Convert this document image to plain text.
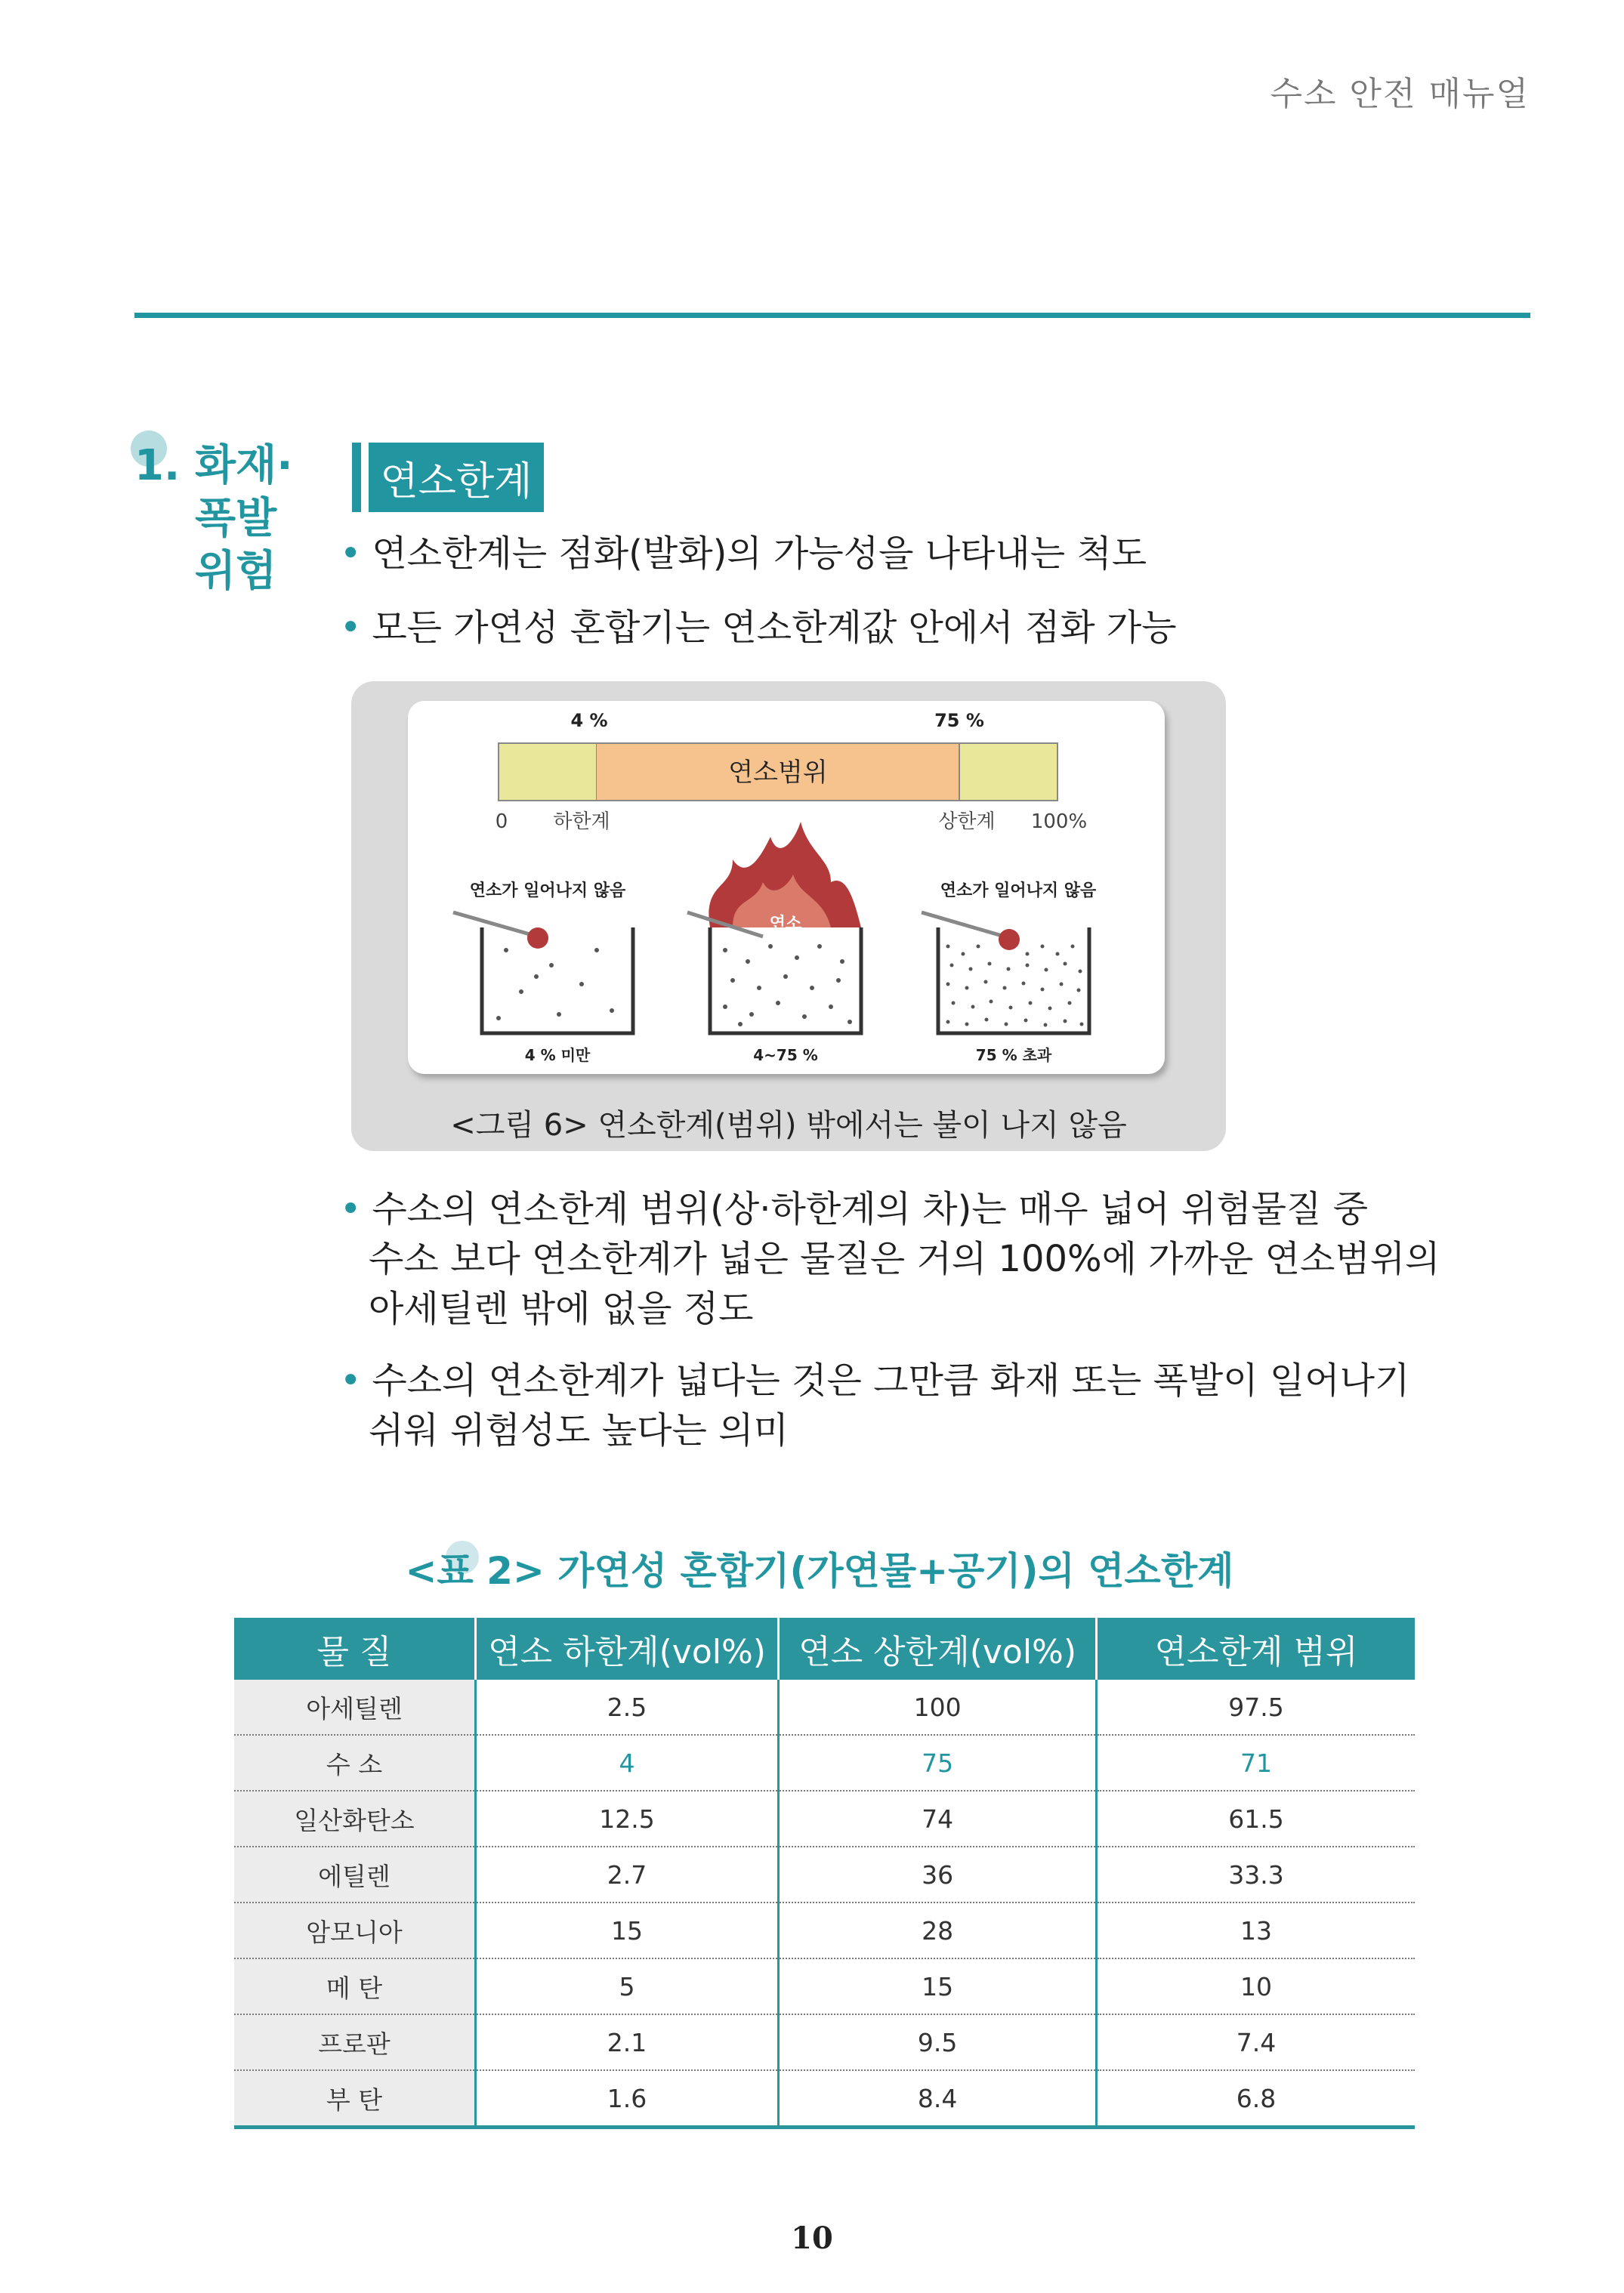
수소 안전 매뉴얼
1. 화재·
폭발
위험
연소한계
• 연소한계는 점화(발화)의 가능성을 나타내는 척도
• 모든 가연성 혼합기는 연소한계값 안에서 점화 가능
4 %	75 %
연소범위
0 하한계	상한계 100%
연소가 일어나지 않음
4 % 미만
연소
4~75 %
연소가 일어나지 않음
75 % 초과
<그림 6> 연소한계(범위) 밖에서는 불이 나지 않음
• 수소의 연소한계 범위(상·하한계의 차)는 매우 넓어 위험물질 중
수소 보다 연소한계가 넓은 물질은 거의 100%에 가까운 연소범위의
아세틸렌 밖에 없을 정도
• 수소의 연소한계가 넓다는 것은 그만큼 화재 또는 폭발이 일어나기
쉬워 위험성도 높다는 의미
<표 2> 가연성 혼합기(가연물+공기)의 연소한계
물 질	연소 하한계(vol%)	연소 상한계(vol%)	연소한계 범위
아세틸렌	2.5	100	97.5
수 소	4	75	71
일산화탄소	12.5	74	61.5
에틸렌	2.7	36	33.3
암모니아	15	28	13
메 탄	5	15	10
프로판	2.1	9.5	7.4
부 탄	1.6	8.4	6.8
10
